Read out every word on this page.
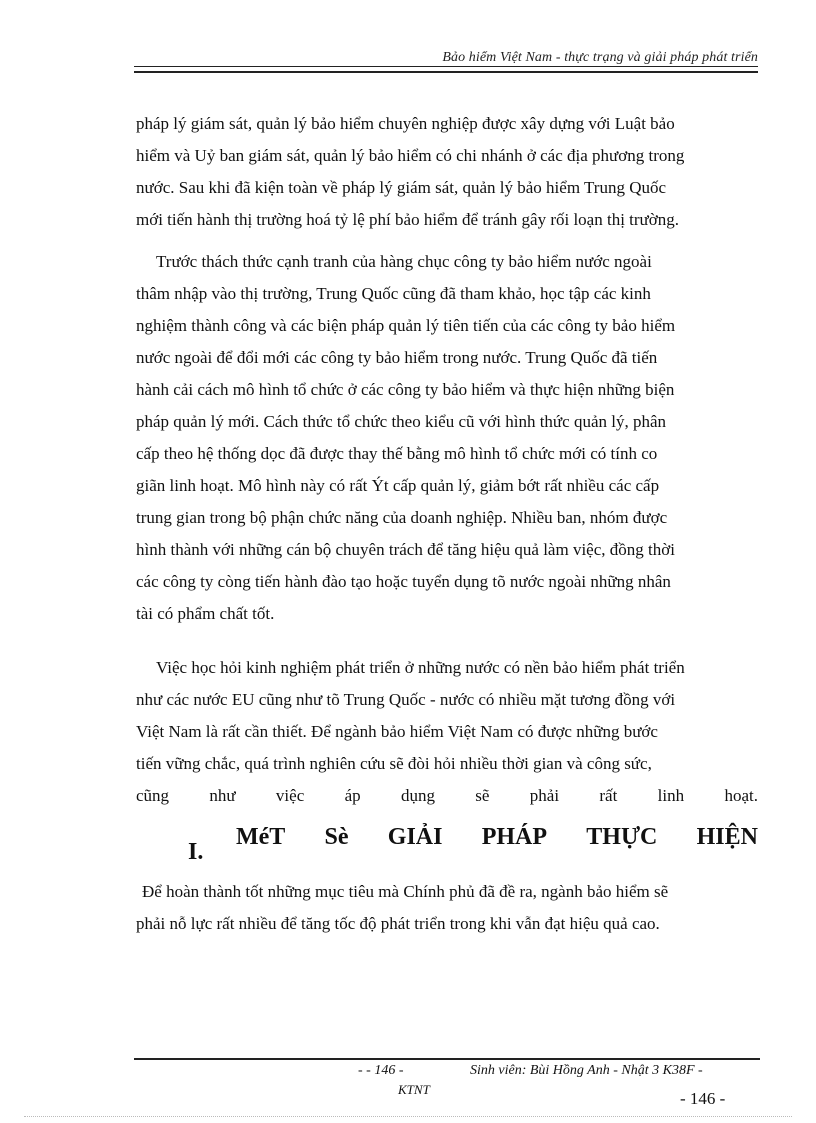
Bảo hiểm Việt Nam - thực trạng và giải pháp phát triển
pháp lý giám sát, quản lý bảo hiểm chuyên nghiệp được xây dựng với Luật bảo
hiểm và Uỷ ban giám sát, quản lý bảo hiểm có chi nhánh ở các địa phương trong
nước. Sau khi đã kiện toàn về pháp lý giám sát, quản lý bảo hiểm Trung Quốc
mới tiến hành thị trường hoá tỷ lệ phí bảo hiểm để tránh gây rối loạn thị trường.
Trước thách thức cạnh tranh của hàng chục công ty bảo hiểm nước ngoài
thâm nhập vào thị trường, Trung Quốc cũng đã tham khảo, học tập các kinh
nghiệm thành công và các biện pháp quản lý tiên tiến của các công ty bảo hiểm
nước ngoài để đổi mới các công ty bảo hiểm trong nước. Trung Quốc đã tiến
hành cải cách mô hình tổ chức ở các công ty bảo hiểm và thực hiện những biện
pháp quản lý mới. Cách thức tổ chức theo kiểu cũ với hình thức quản lý, phân
cấp theo hệ thống dọc đã được thay thế bằng mô hình tổ chức mới có tính co
giãn linh hoạt. Mô hình này có rất Ýt cấp quản lý, giảm bớt rất nhiều các cấp
trung gian trong bộ phận chức năng của doanh nghiệp. Nhiều ban, nhóm được
hình thành với những cán bộ chuyên trách để tăng hiệu quả làm việc, đồng thời
các công ty còng tiến hành đào tạo hoặc tuyển dụng tõ nước ngoài những nhân
tài có phẩm chất tốt.
Việc học hỏi kinh nghiệm phát triển ở những nước có nền bảo hiểm phát triển
như các nước EU cũng như tõ Trung Quốc - nước có nhiều mặt tương đồng với
Việt Nam là rất cần thiết. Để ngành bảo hiểm Việt Nam có được những bước
tiến vững chắc, quá trình nghiên cứu sẽ đòi hỏi nhiều thời gian và công sức,
cũng như việc áp dụng sẽ phải rất linh hoạt.
I.
MéT Sè GIẢI PHÁP THỰC HIỆN
Để hoàn thành tốt những mục tiêu mà Chính phủ đã đề ra, ngành bảo hiểm sẽ
phải nỗ lực rất nhiều để tăng tốc độ phát triển trong khi vẫn đạt hiệu quả cao.
- - 146 -	Sinh viên: Bùi Hồng Anh - Nhật 3 K38F -
KTNT	- 146 -
